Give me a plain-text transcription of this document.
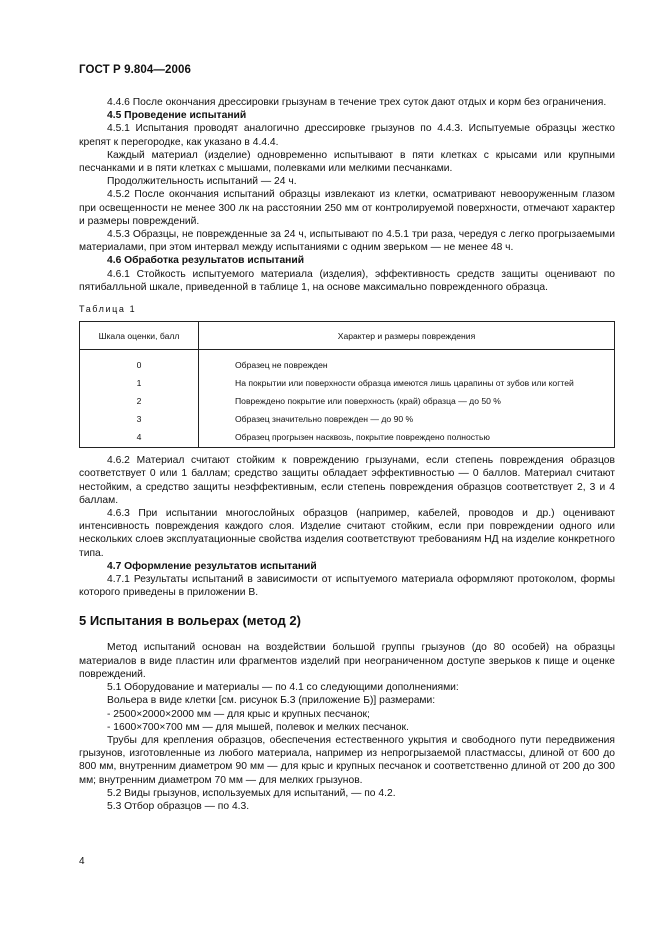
ГОСТ Р 9.804—2006

4.4.6 После окончания дрессировки грызунам в течение трех суток дают отдых и корм без ограничения.

4.5 Проведение испытаний

4.5.1 Испытания проводят аналогично дрессировке грызунов по 4.4.3. Испытуемые образцы жестко крепят к перегородке, как указано в 4.4.4.

Каждый материал (изделие) одновременно испытывают в пяти клетках с крысами или крупными песчанками и в пяти клетках с мышами, полевками или мелкими песчанками.

Продолжительность испытаний — 24 ч.

4.5.2 После окончания испытаний образцы извлекают из клетки, осматривают невооруженным глазом при освещенности не менее 300 лк на расстоянии 250 мм от контролируемой поверхности, отмечают характер и размеры повреждений.

4.5.3 Образцы, не поврежденные за 24 ч, испытывают по 4.5.1 три раза, чередуя с легко прогрызаемыми материалами, при этом интервал между испытаниями с одним зверьком — не менее 48 ч.

4.6 Обработка результатов испытаний

4.6.1 Стойкость испытуемого материала (изделия), эффективность средств защиты оценивают по пятибалльной шкале, приведенной в таблице 1, на основе максимально поврежденного образца.

Таблица 1

Шкала оценки, балл	Характер и размеры повреждения
0	Образец не поврежден
1	На покрытии или поверхности образца имеются лишь царапины от зубов или когтей
2	Повреждено покрытие или поверхность (край) образца — до 50 %
3	Образец значительно поврежден — до 90 %
4	Образец прогрызен насквозь, покрытие повреждено полностью

4.6.2 Материал считают стойким к повреждению грызунами, если степень повреждения образцов соответствует 0 или 1 баллам; средство защиты обладает эффективностью — 0 баллов. Материал считают нестойким, а средство защиты неэффективным, если степень повреждения образцов соответствует 2, 3 и 4 баллам.

4.6.3 При испытании многослойных образцов (например, кабелей, проводов и др.) оценивают интенсивность повреждения каждого слоя. Изделие считают стойким, если при повреждении одного или нескольких слоев эксплуатационные свойства изделия соответствуют требованиям НД на изделие конкретного типа.

4.7 Оформление результатов испытаний

4.7.1 Результаты испытаний в зависимости от испытуемого материала оформляют протоколом, формы которого приведены в приложении В.

5 Испытания в вольерах (метод 2)

Метод испытаний основан на воздействии большой группы грызунов (до 80 особей) на образцы материалов в виде пластин или фрагментов изделий при неограниченном доступе зверьков к пище и оценке повреждений.

5.1 Оборудование и материалы — по 4.1 со следующими дополнениями:

Вольера в виде клетки [см. рисунок Б.3 (приложение Б)] размерами:

- 2500×2000×2000 мм — для крыс и крупных песчанок;

- 1600×700×700 мм — для мышей, полевок и мелких песчанок.

Трубы для крепления образцов, обеспечения естественного укрытия и свободного пути передвижения грызунов, изготовленные из любого материала, например из непрогрызаемой пластмассы, длиной от 600 до 800 мм, внутренним диаметром 90 мм — для крыс и крупных песчанок и соответственно длиной от 200 до 300 мм; внутренним диаметром 70 мм — для мелких грызунов.

5.2 Виды грызунов, используемых для испытаний, — по 4.2.

5.3 Отбор образцов — по 4.3.

4
